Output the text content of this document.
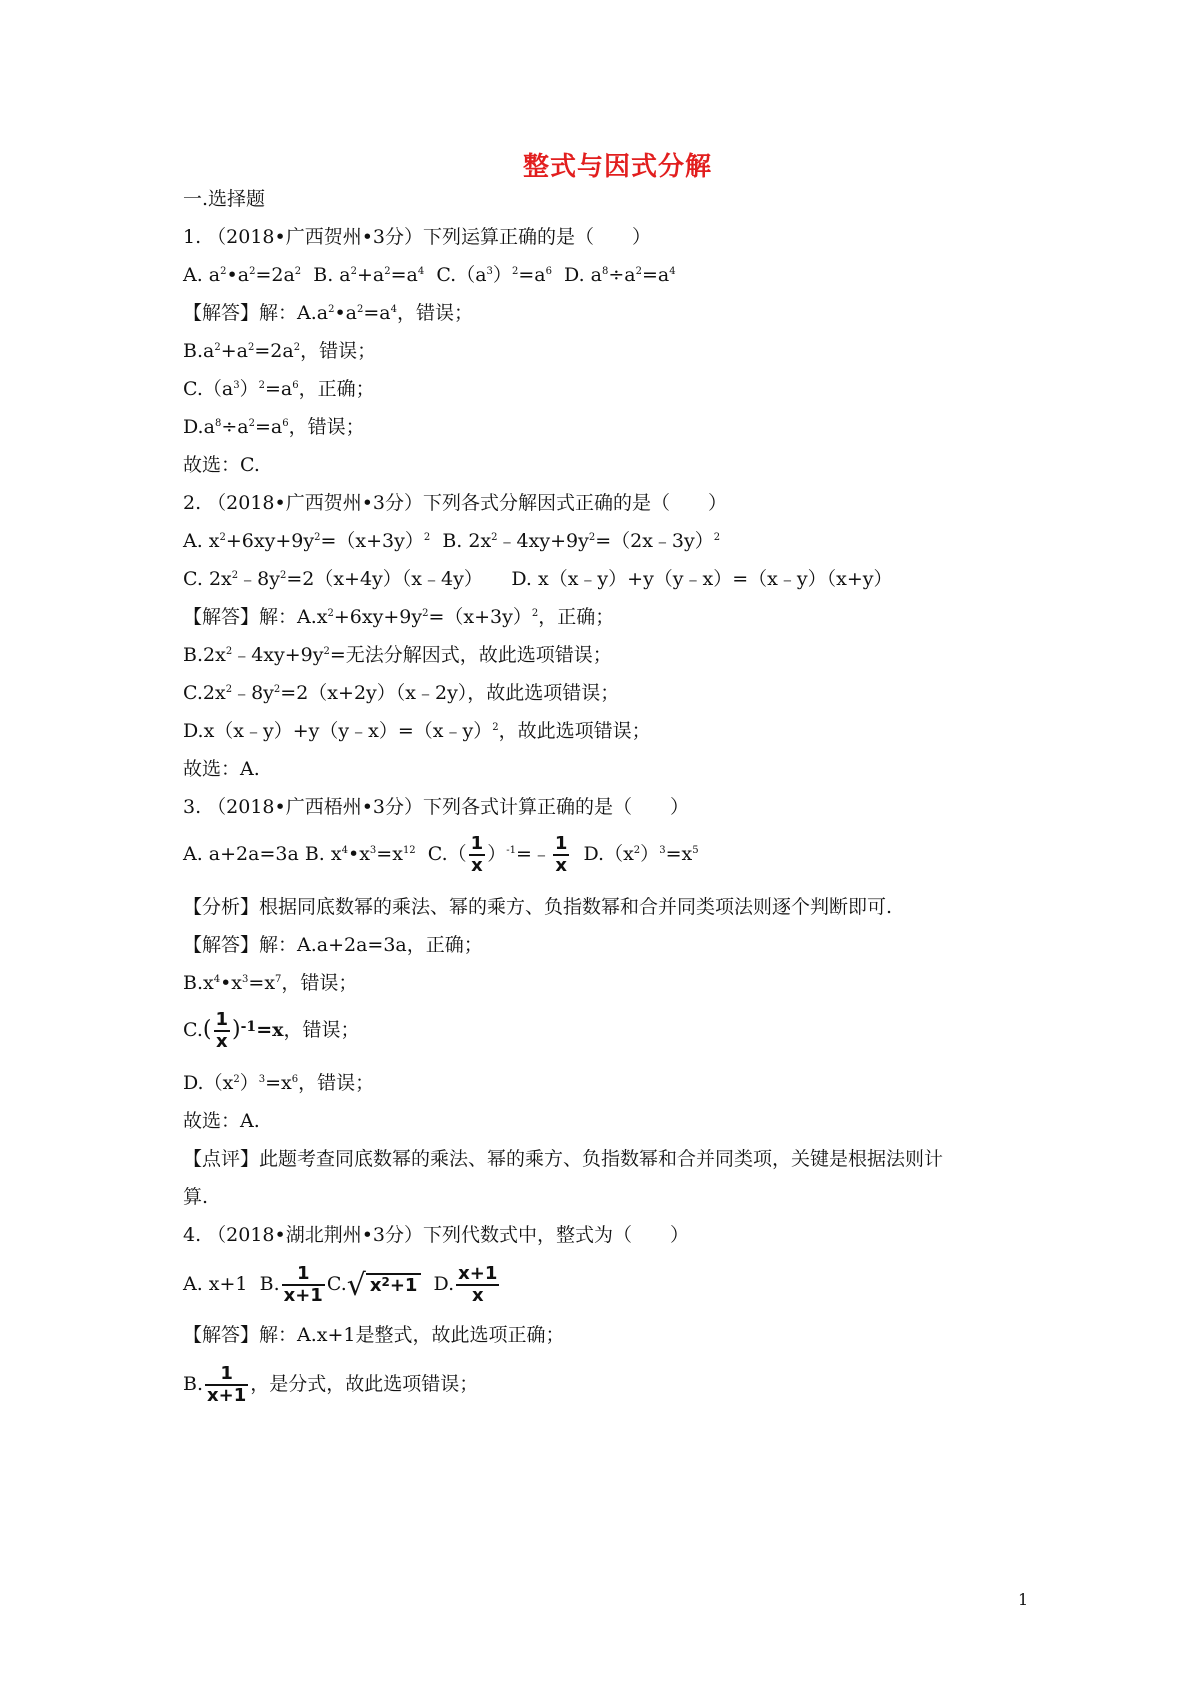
整式与因式分解
一.选择题
1. （2018•广西贺州•3分）下列运算正确的是（　　）
A. $a^2•a^2=2a^2$  B. $a^2+a^2=a^4$  $C.(a^3)^2=a^6$  D. $a^8\div a^2=a^4$
【解答】解：$A.a^2•a^2=a^4$，错误；
$B.a^2+a^2=2a^2$，错误；
$C.(a^3)^2=a^6$，正确；
$D.a^8\div a^2=a^6$，错误；
故选：C.
2. （2018•广西贺州•3分）下列各式分解因式正确的是（　　）
A. $x^2+6xy+9y^2=(x+3y)^2$  B. $2x^2﹣4xy+9y^2=(2x﹣3y)^2$
C. $2x^2﹣8y^2=2(x+4y)(x﹣4y)$　　D. x（x﹣y）+y（y﹣x）=（x﹣y）（x+y）
【解答】解：$A.x^2+6xy+9y^2=(x+3y)^2$，正确；
$B.2x^2﹣4xy+9y^2=$无法分解因式，故此选项错误；
$C.2x^2﹣8y^2=2(x+2y)(x﹣2y)$，故此选项错误；
D.x（x﹣y）+y（y﹣x）=（x﹣y）$^2$，故此选项错误；
故选：A.
3. （2018•广西梧州•3分）下列各式计算正确的是（　　）
A. a+2a=3a B. $x^4•x^3=x^{12}$  $C.( \frac{1}{x}$ ）$^{-1}=﹣ \frac{1}{x} D.(x^2)^3=x^5$
【分析】根据同底数幂的乘法、幂的乘方、负指数幂和合并同类项法则逐个判断即可.
【解答】解：A.a+2a=3a，正确；
$B.x^4•x^3=x^7$，错误；
$C.( \frac{1}{x} )^{-1}=x$，错误；
$D.(x^2)^3=x^6$，错误；
故选：A.
【点评】此题考查同底数幂的乘法、幂的乘方、负指数幂和合并同类项，关键是根据法则计
算.
4. （2018•湖北荆州•3分）下列代数式中，整式为（　　）
A. x+1  B. $\frac{1}{x+1} C.√$ $x^2+1$  D. $\frac{x+1}{x}$
【解答】解：A.x+1是整式，故此选项正确；
B. $\frac{1}{x+1}$ ，是分式，故此选项错误；
1
